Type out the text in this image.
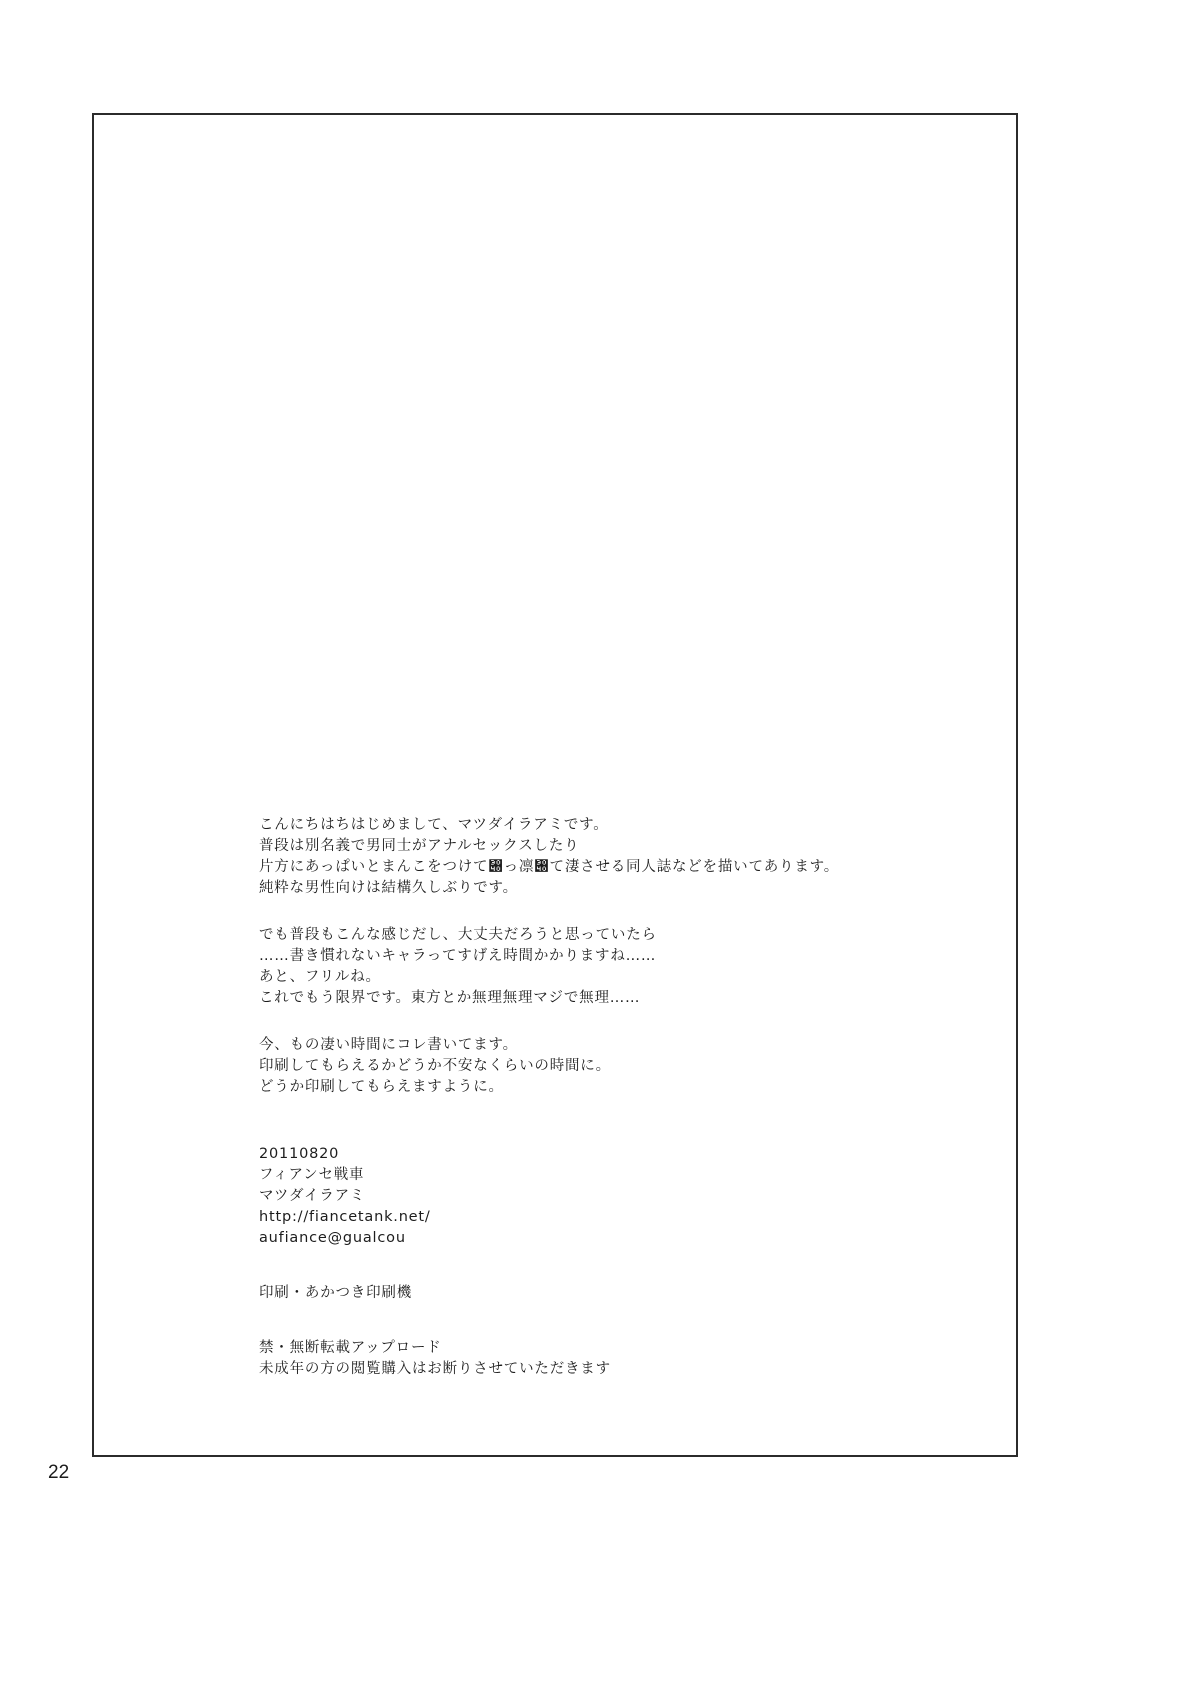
こんにちはちはじめまして、マツダイラアミです。
普段は別名義で男同士がアナルセックスしたり
片方にあっぱいとまんこをつけて぀っ凛぀て淒させる同人誌などを描いてあります。
純粋な男性向けは結構久しぶりです。
でも普段もこんな感じだし、大丈夫だろうと思っていたら
……書き慣れないキャラってすげえ時間かかりますね……
あと、フリルね。
これでもう限界です。東方とか無理無理マジで無理……
今、もの凄い時間にコレ書いてます。
印刷してもらえるかどうか不安なくらいの時間に。
どうか印刷してもらえますように。
20110820
フィアンセ戦車
マツダイラアミ
http://fiancetank.net/
aufiance@gualcou
印刷・あかつき印刷機
禁・無断転載アップロード
未成年の方の閲覧購入はお断りさせていただきます
22
